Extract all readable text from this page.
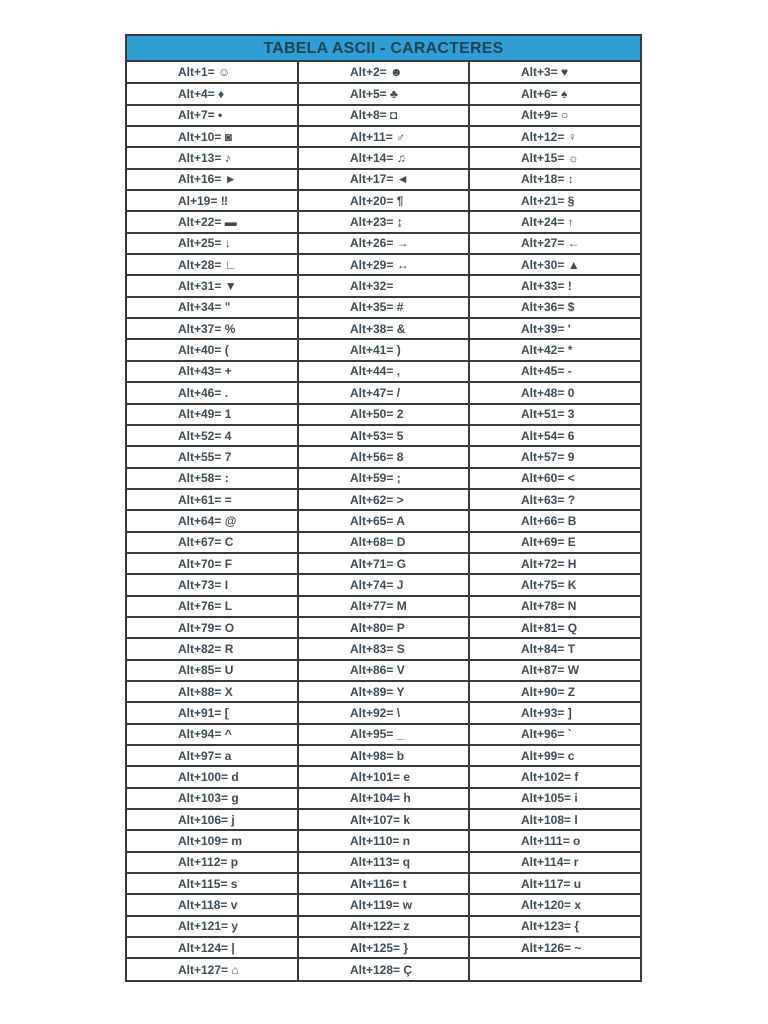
TABELA ASCII - CARACTERES
Alt+1= ☺	Alt+2= ☻	Alt+3= ♥
Alt+4= ♦	Alt+5= ♣	Alt+6= ♠
Alt+7= •	Alt+8= ◘	Alt+9= ○
Alt+10= ◙	Alt+11= ♂	Alt+12= ♀
Alt+13= ♪	Alt+14= ♫	Alt+15= ☼
Alt+16= ►	Alt+17= ◄	Alt+18= ↕
Al+19= ‼	Alt+20= ¶	Alt+21= §
Alt+22= ▬	Alt+23= ↨	Alt+24= ↑
Alt+25= ↓	Alt+26= →	Alt+27= ←
Alt+28= ∟	Alt+29= ↔	Alt+30= ▲
Alt+31= ▼	Alt+32=	Alt+33= !
Alt+34= "	Alt+35= #	Alt+36= $
Alt+37= %	Alt+38= &	Alt+39= '
Alt+40= (	Alt+41= )	Alt+42= *
Alt+43= +	Alt+44= ,	Alt+45= -
Alt+46= .	Alt+47= /	Alt+48= 0
Alt+49= 1	Alt+50= 2	Alt+51= 3
Alt+52= 4	Alt+53= 5	Alt+54= 6
Alt+55= 7	Alt+56= 8	Alt+57= 9
Alt+58= :	Alt+59= ;	Alt+60= <
Alt+61= =	Alt+62= >	Alt+63= ?
Alt+64= @	Alt+65= A	Alt+66= B
Alt+67= C	Alt+68= D	Alt+69= E
Alt+70= F	Alt+71= G	Alt+72= H
Alt+73= I	Alt+74= J	Alt+75= K
Alt+76= L	Alt+77= M	Alt+78= N
Alt+79= O	Alt+80= P	Alt+81= Q
Alt+82= R	Alt+83= S	Alt+84= T
Alt+85= U	Alt+86= V	Alt+87= W
Alt+88= X	Alt+89= Y	Alt+90= Z
Alt+91= [	Alt+92= \	Alt+93= ]
Alt+94= ^	Alt+95= _	Alt+96= `
Alt+97= a	Alt+98= b	Alt+99= c
Alt+100= d	Alt+101= e	Alt+102= f
Alt+103= g	Alt+104= h	Alt+105= i
Alt+106= j	Alt+107= k	Alt+108= l
Alt+109= m	Alt+110= n	Alt+111= o
Alt+112= p	Alt+113= q	Alt+114= r
Alt+115= s	Alt+116= t	Alt+117= u
Alt+118= v	Alt+119= w	Alt+120= x
Alt+121= y	Alt+122= z	Alt+123= {
Alt+124= |	Alt+125= }	Alt+126= ~
Alt+127= ⌂	Alt+128= Ç	
